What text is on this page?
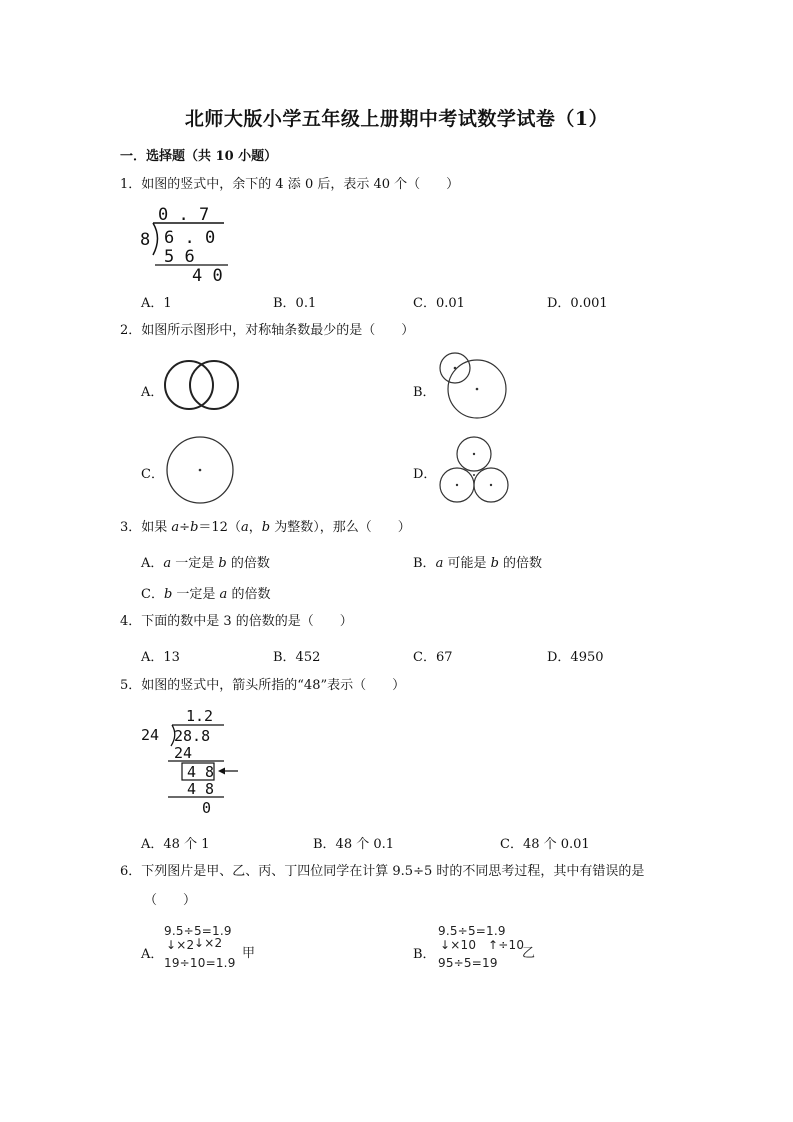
北师大版小学五年级上册期中考试数学试卷（1）
一．选择题（共 10 小题）
1．如图的竖式中，余下的 4 添 0 后，表示 40 个（　　）
0 . 7
8 6 . 0
5 6
4 0
A．1	B．0.1	C．0.01	D．0.001
2．如图所示图形中，对称轴条数最少的是（　　）
A．	B．
C．	D．
3．如果 a÷b＝12（a，b 为整数），那么（　　）
A．a 一定是 b 的倍数	B．a 可能是 b 的倍数
C．b 一定是 a 的倍数
4．下面的数中是 3 的倍数的是（　　）
A．13	B．452	C．67	D．4950
5．如图的竖式中，箭头所指的“48”表示（　　）
1.2
24 28.8
24
4 8
4 8
0
A．48 个 1	B．48 个 0.1	C．48 个 0.01
6．下列图片是甲、乙、丙、丁四位同学在计算 9.5÷5 时的不同思考过程，其中有错误的是
（　　）
A．
9.5÷5=1.9
↓×2 ↓×2
19÷10=1.9
甲	B．
9.5÷5=1.9
↓×10 ↑÷10
95÷5=19
乙
